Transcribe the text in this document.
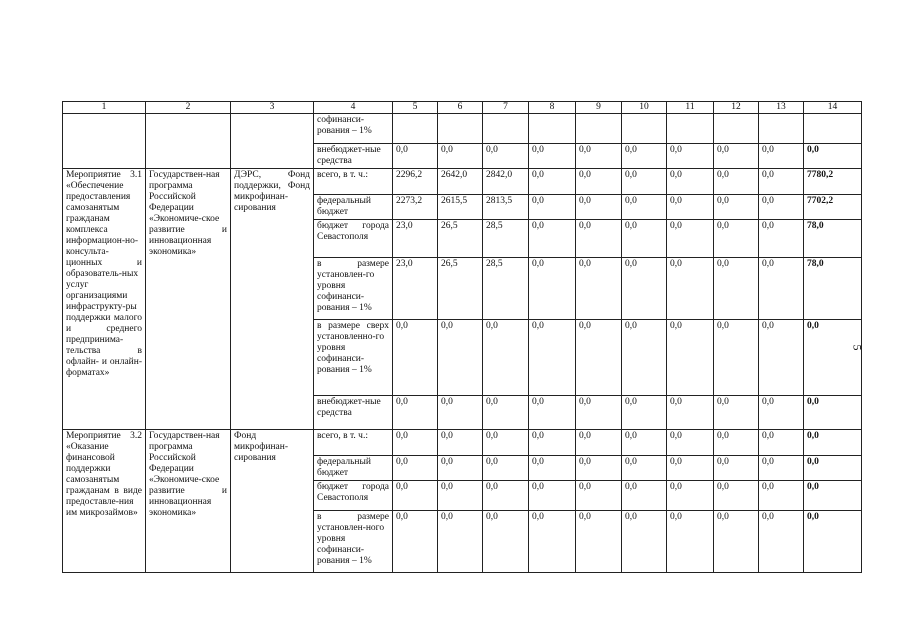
5
1	2	3	4	5	6	7	8	9	10	11	12	13	14
			софинанси-рования – 1%										
			внебюджет-ные средства	0,0	0,0	0,0	0,0	0,0	0,0	0,0	0,0	0,0	0,0
Мероприятие 3.1 «Обеспечение предоставления самозанятым гражданам комплекса информацион-но-консульта-ционных и образователь-ных услуг организациями инфраструкту-ры поддержки малого и среднего предпринима-тельства в офлайн- и онлайн-форматах»	Государствен-ная программа Российской Федерации «Экономиче-ское развитие и инновационная экономика»	ДЭРС, Фонд поддержки, Фонд микрофинан-сирования	всего, в т. ч.:	2296,2	2642,0	2842,0	0,0	0,0	0,0	0,0	0,0	0,0	7780,2
			федеральный бюджет	2273,2	2615,5	2813,5	0,0	0,0	0,0	0,0	0,0	0,0	7702,2
			бюджет города Севастополя	23,0	26,5	28,5	0,0	0,0	0,0	0,0	0,0	0,0	78,0
			в размере установлен-го уровня софинанси-рования – 1%	23,0	26,5	28,5	0,0	0,0	0,0	0,0	0,0	0,0	78,0
			в размере сверх установленно-го уровня софинанси-рования – 1%	0,0	0,0	0,0	0,0	0,0	0,0	0,0	0,0	0,0	0,0
			внебюджет-ные средства	0,0	0,0	0,0	0,0	0,0	0,0	0,0	0,0	0,0	0,0
Мероприятие 3.2 «Оказание финансовой поддержки самозанятым гражданам в виде предоставле-ния им микрозаймов»	Государствен-ная программа Российской Федерации «Экономиче-ское развитие и инновационная экономика»	Фонд микрофинан-сирования	всего, в т. ч.:	0,0	0,0	0,0	0,0	0,0	0,0	0,0	0,0	0,0	0,0
			федеральный бюджет	0,0	0,0	0,0	0,0	0,0	0,0	0,0	0,0	0,0	0,0
			бюджет города Севастополя	0,0	0,0	0,0	0,0	0,0	0,0	0,0	0,0	0,0	0,0
			в размере установлен-ного уровня софинанси-рования – 1%	0,0	0,0	0,0	0,0	0,0	0,0	0,0	0,0	0,0	0,0
